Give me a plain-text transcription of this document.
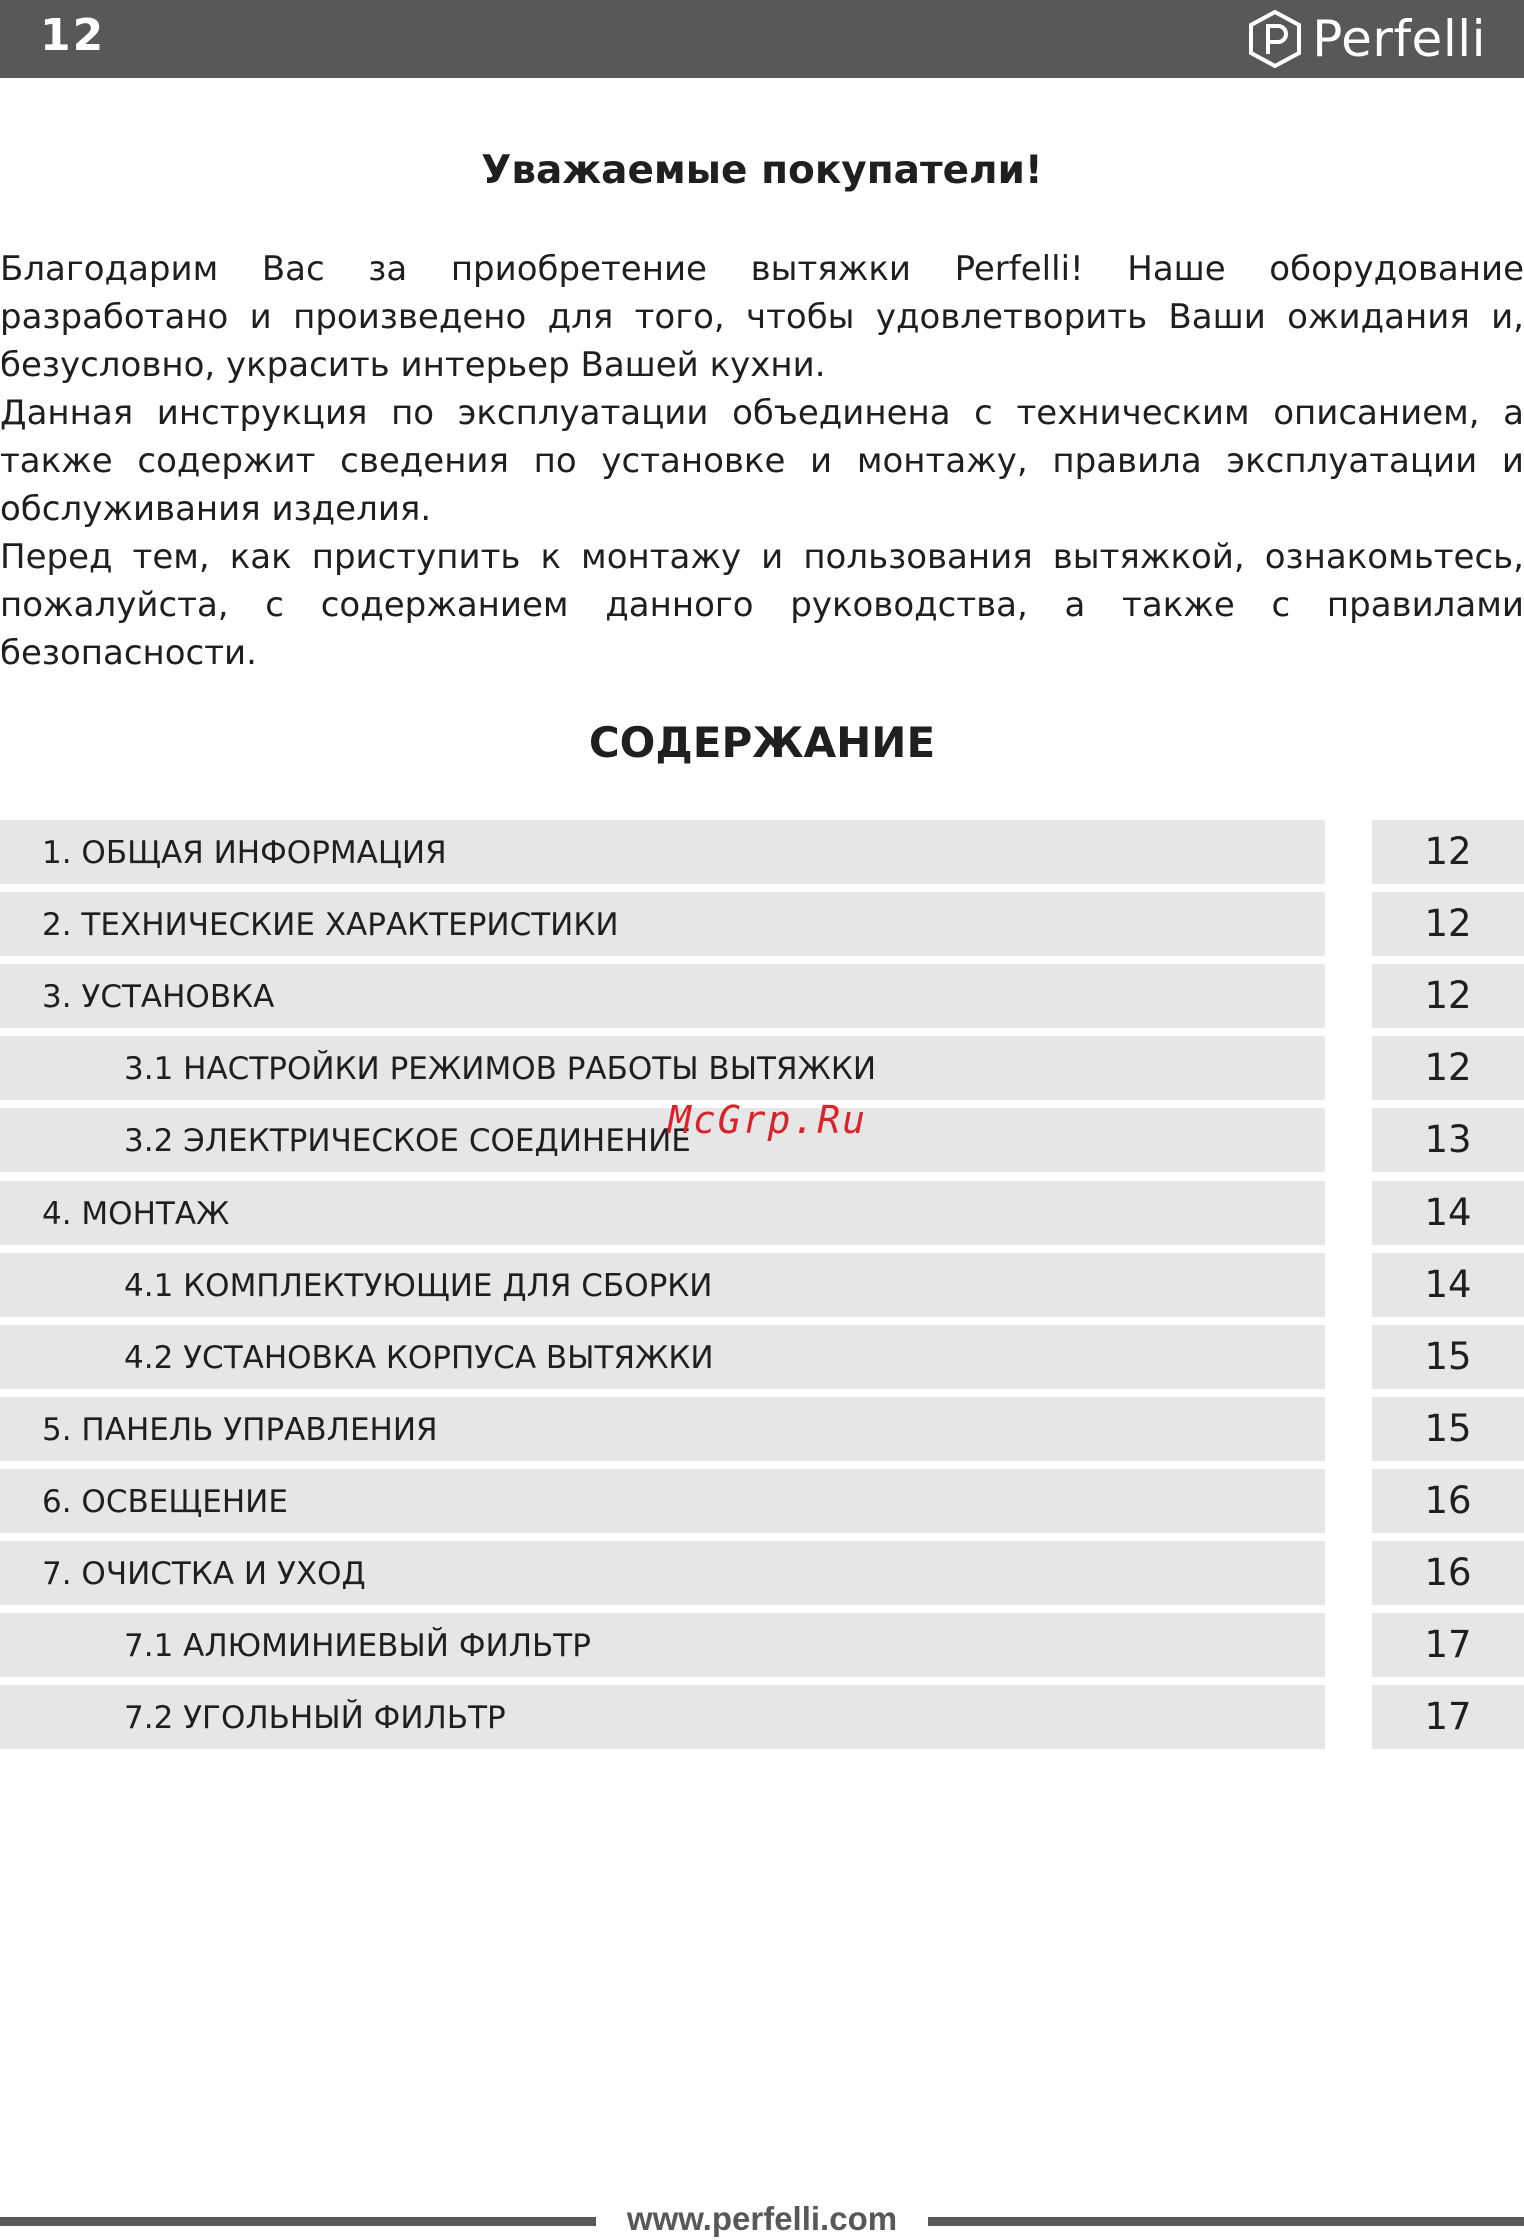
12	Perfelli
Уважаемые покупатели!

Благодарим Вас за приобретение вытяжки Perfelli! Наше оборудование разработано и произведено для того, чтобы удовлетворить Ваши ожидания и, безусловно, украсить интерьер Вашей кухни.

Данная инструкция по эксплуатации объединена с техническим описанием, а также содержит сведения по установке и монтажу, правила эксплуатации и обслуживания изделия.

Перед тем, как приступить к монтажу и пользования вытяжкой, ознакомьтесь, пожалуйста, с содержанием данного руководства, а также с правилами безопасности.

СОДЕРЖАНИЕ
1. ОБЩАЯ ИНФОРМАЦИЯ	12
2. ТЕХНИЧЕСКИЕ ХАРАКТЕРИСТИКИ	12
3. УСТАНОВКА	12
3.1 НАСТРОЙКИ РЕЖИМОВ РАБОТЫ ВЫТЯЖКИ	12
3.2 ЭЛЕКТРИЧЕСКОЕ СОЕДИНЕНИЕ	13
4. МОНТАЖ	14
4.1 КОМПЛЕКТУЮЩИЕ ДЛЯ СБОРКИ	14
4.2 УСТАНОВКА КОРПУСА ВЫТЯЖКИ	15
5. ПАНЕЛЬ УПРАВЛЕНИЯ	15
6. ОСВЕЩЕНИЕ	16
7. ОЧИСТКА И УХОД	16
7.1 АЛЮМИНИЕВЫЙ ФИЛЬТР	17
7.2 УГОЛЬНЫЙ ФИЛЬТР	17
McGrp.Ru
www.perfelli.com
